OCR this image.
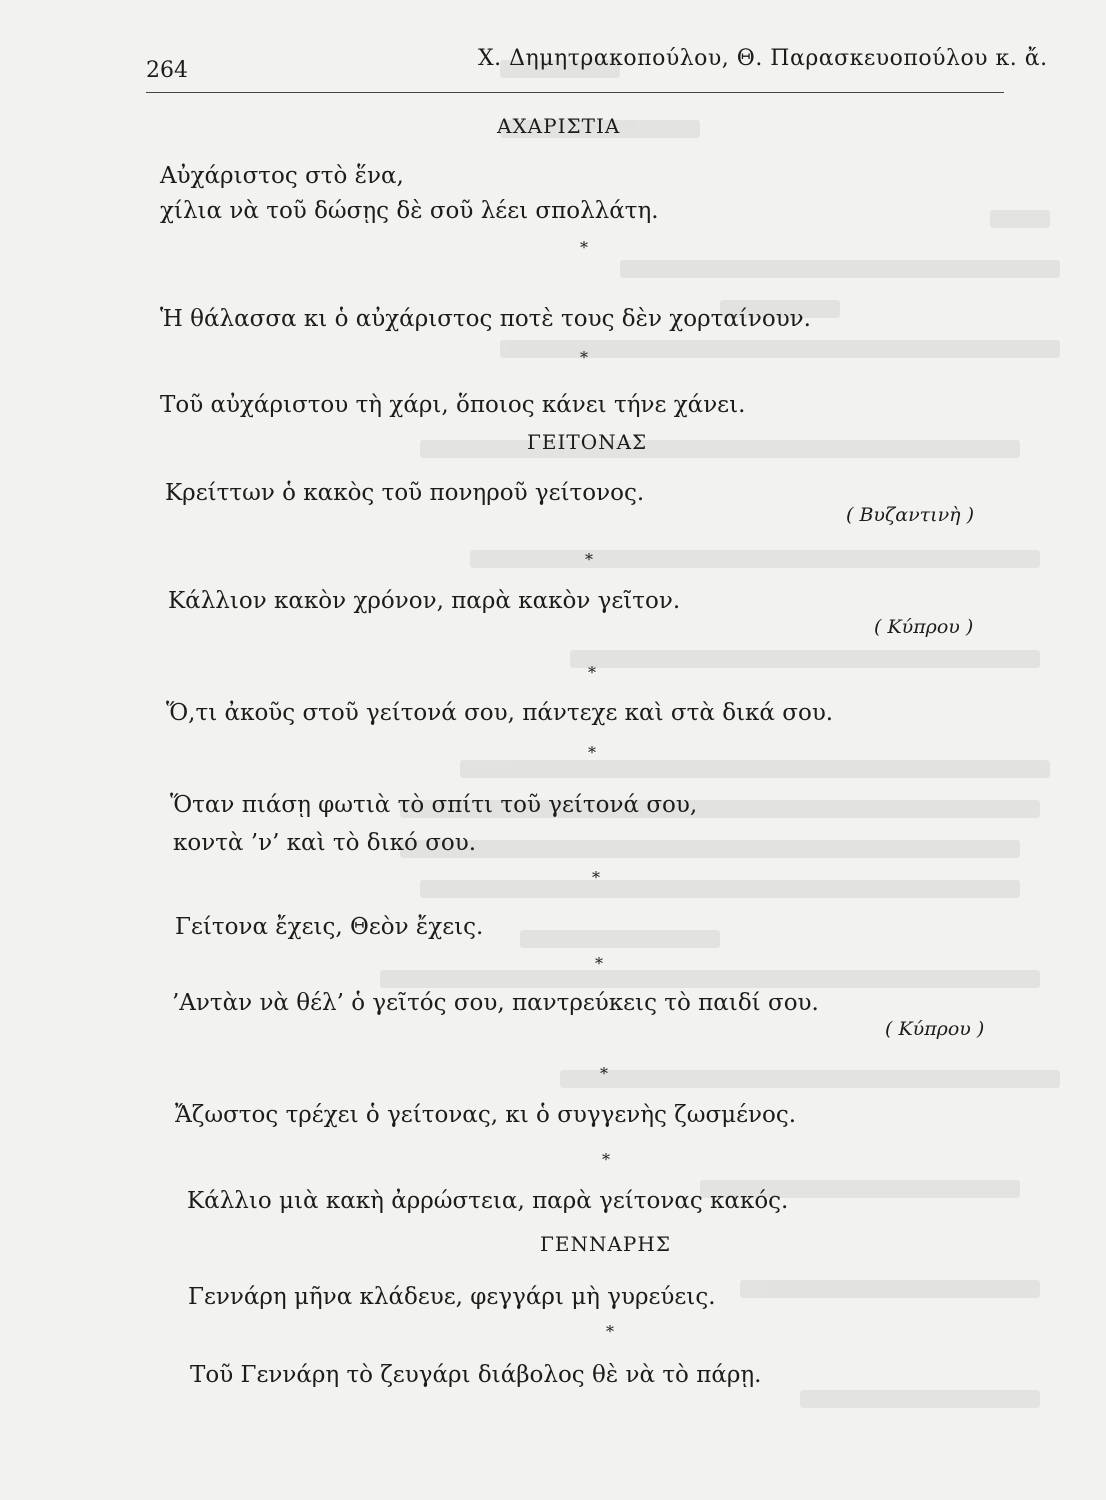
264	Χ. Δημητρακοπούλου, Θ. Παρασκευοπούλου κ. ἄ.
ΑΧΑΡΙΣΤΙΑ
Αὐχάριστος στὸ ἕνα,
χίλια νὰ τοῦ δώσῃς δὲ σοῦ λέει σπολλάτη.
*
Ἡ θάλασσα κι ὁ αὐχάριστος ποτὲ τους δὲν χορταίνουν.
*
Τοῦ αὐχάριστου τὴ χάρι, ὅποιος κάνει τήνε χάνει.
ΓΕΙΤΟΝΑΣ
Κρείττων ὁ κακὸς τοῦ πονηροῦ γείτονος.
( Βυζαντινὴ )
*
Κάλλιον κακὸν χρόνον, παρὰ κακὸν γεῖτον.
( Κύπρου )
*
Ὅ,τι ἀκοῦς στοῦ γείτονά σου, πάντεχε καὶ στὰ δικά σου.
*
Ὅταν πιάσῃ φωτιὰ τὸ σπίτι τοῦ γείτονά σου,
κοντὰ ’ν’ καὶ τὸ δικό σου.
*
Γείτονα ἔχεις, Θεὸν ἔχεις.
*
’Αντὰν νὰ θέλ’ ὁ γεῖτός σου, παντρεύκεις τὸ παιδί σου.
( Κύπρου )
*
Ἄζωστος τρέχει ὁ γείτονας, κι ὁ συγγενὴς ζωσμένος.
*
Κάλλιο μιὰ κακὴ ἀρρώστεια, παρὰ γείτονας κακός.
ΓΕΝΝΑΡΗΣ
Γεννάρη μῆνα κλάδευε, φεγγάρι μὴ γυρεύεις.
*
Τοῦ Γεννάρη τὸ ζευγάρι διάβολος θὲ νὰ τὸ πάρῃ.
